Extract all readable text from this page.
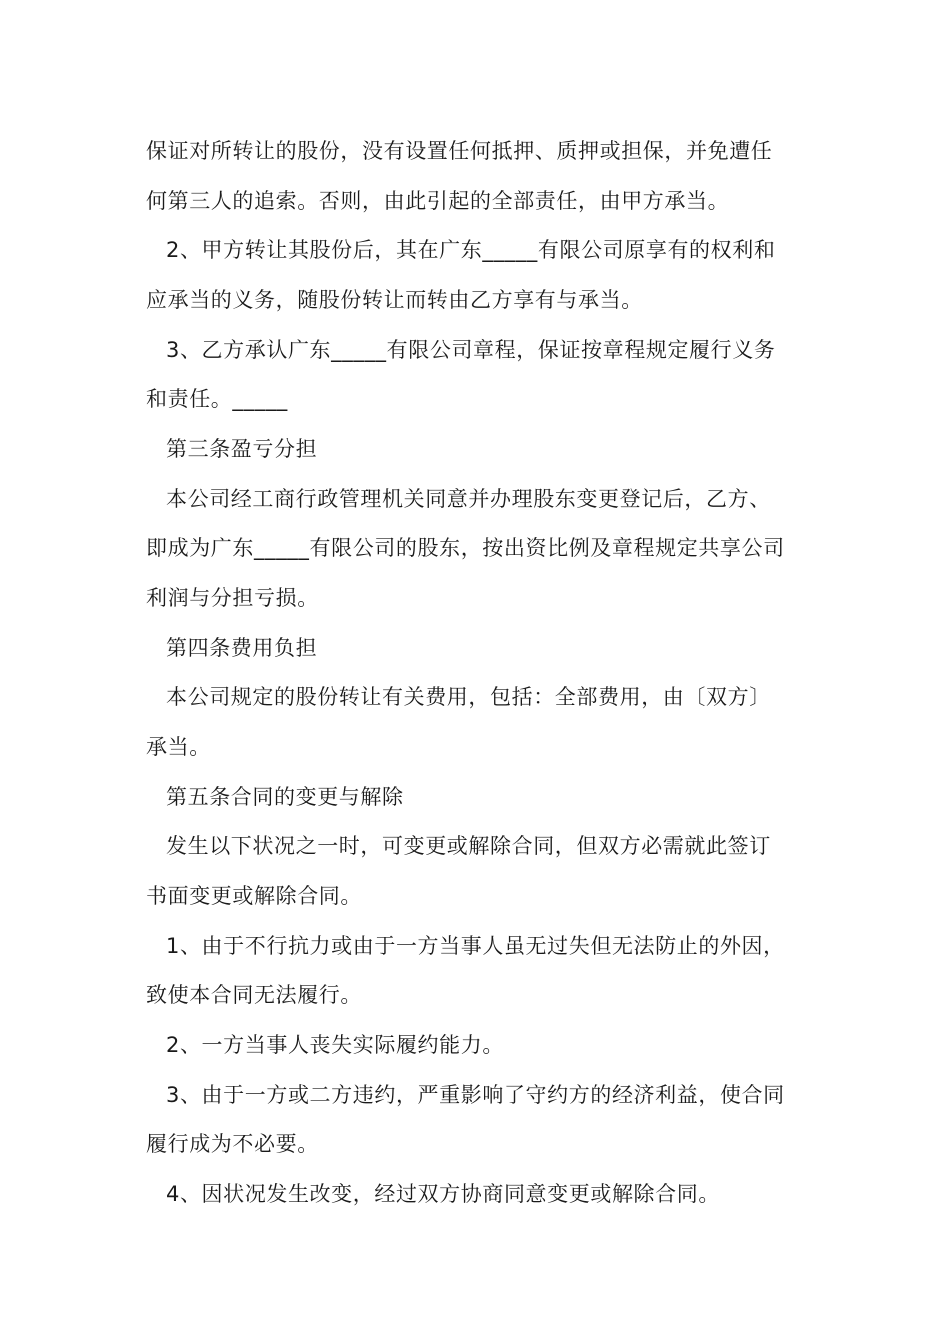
保证对所转让的股份，没有设置任何抵押、质押或担保，并免遭任
何第三人的追索。否则，由此引起的全部责任，由甲方承当。
2、甲方转让其股份后，其在广东_____有限公司原享有的权利和
应承当的义务，随股份转让而转由乙方享有与承当。
3、乙方承认广东_____有限公司章程，保证按章程规定履行义务
和责任。_____
第三条盈亏分担
本公司经工商行政管理机关同意并办理股东变更登记后，乙方、
即成为广东_____有限公司的股东，按出资比例及章程规定共享公司
利润与分担亏损。
第四条费用负担
本公司规定的股份转让有关费用，包括：全部费用，由〔双方〕
承当。
第五条合同的变更与解除
发生以下状况之一时，可变更或解除合同，但双方必需就此签订
书面变更或解除合同。
1、由于不行抗力或由于一方当事人虽无过失但无法防止的外因，
致使本合同无法履行。
2、一方当事人丧失实际履约能力。
3、由于一方或二方违约，严重影响了守约方的经济利益，使合同
履行成为不必要。
4、因状况发生改变，经过双方协商同意变更或解除合同。
